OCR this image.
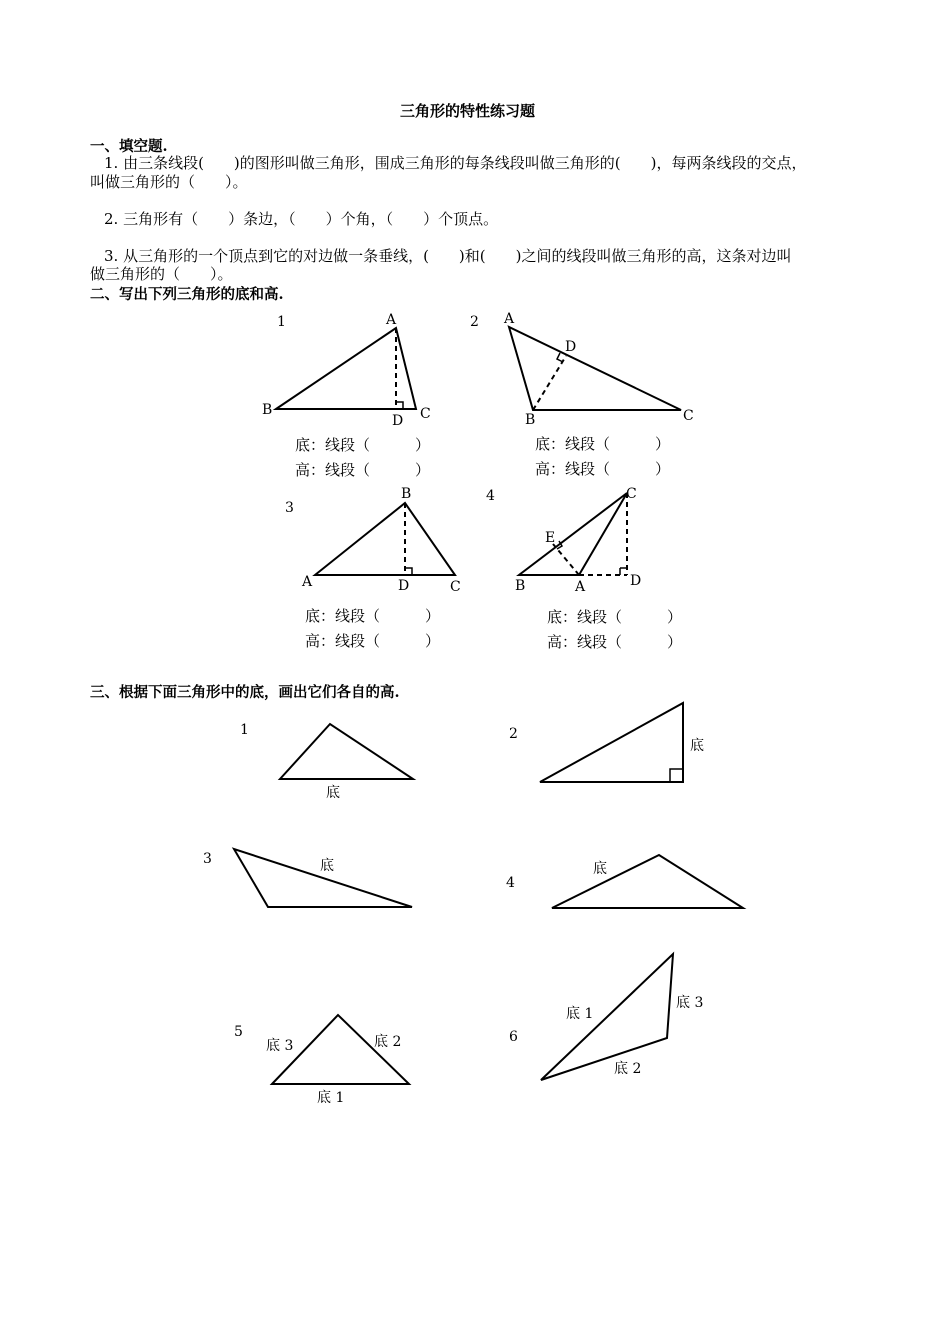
三角形的特性练习题
一、填空题.
1. 由三条线段(　　)的图形叫做三角形，围成三角形的每条线段叫做三角形的(　　)，每两条线段的交点，
叫做三角形的（　　）。
2. 三角形有（　　）条边，（　　）个角，（　　）个顶点。
3. 从三角形的一个顶点到它的对边做一条垂线，(　　)和(　　)之间的线段叫做三角形的高，这条对边叫
做三角形的（　　）。
二、写出下列三角形的底和高.
底：线段（　　　）
高：线段（　　　）
底：线段（　　　）
高：线段（　　　）
底：线段（　　　）
高：线段（　　　）
底：线段（　　　）
高：线段（　　　）
三、根据下面三角形中的底，画出它们各自的高.
1	A
B	C
D
2 A
B	C
D
3
A
B
C
D
4
A
B
C
D
E
1
底
2
底
3	底
4
底
5
底 3	底 2
底 1
6
底 1
底 3
底 2
